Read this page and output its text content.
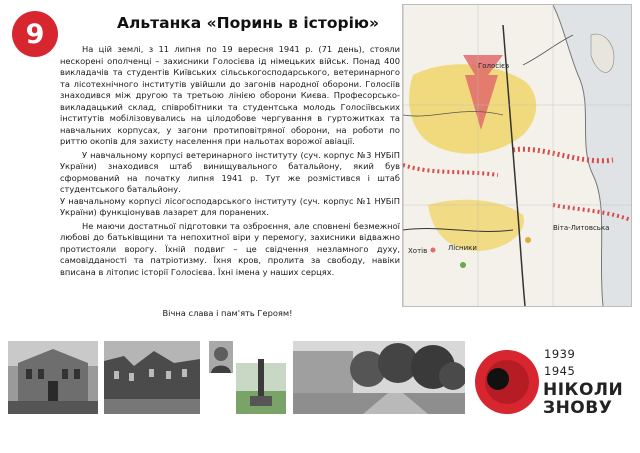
9	Альтанка «Поринь в історію»

На цій землі, з 11 липня по 19 вересня 1941 р. (71 день), стояли нескорені ополченці – захисники Голосієва ід німецьких військ. Понад 400 викладачів та студентів Київських сільськогосподарського, ветеринарного та лісотехнічного інститутів увійшли до загонів народної оборони. Голосіїв знаходився між другою та третьою лінією оборони Києва. Професорсько-викладацький склад, співробітники та студентська молодь Голосіївських інститутів мобілізовувались на цілодобове чергування в гуртожитках та навчальних корпусах, у загони протиповітряної оборони, на роботи по риттю окопів для захисту населення при нальотах ворожої авіації.

У навчальному корпусі ветеринарного інституту (суч. корпус №3 НУБіП України) знаходився штаб винищувального батальйону, який був сформований на початку липня 1941 р. Тут же розмістився і штаб студентського батальйону.

У навчальному корпусі лісогосподарського інституту (суч. корпус №1 НУБіП України) функціонував лазарет для поранених.

Не маючи достатньої підготовки та озброєння, але сповнені безмежної любові до батьківщини та непохитної віри у перемогу, захисники відважно протистояли ворогу. Їхній подвиг – це свідчення незламного духу, самовідданості та патріотизму. Їхня кров, пролита за свободу, навіки вписана в літопис історії Голосієва. Їхні імена у наших серцях.

Вічна слава і пам'ять Героям!
Голосієв
Хотів	Лісники
Віта-Литовська
1939
1945
НІКОЛИ
ЗНОВУ
